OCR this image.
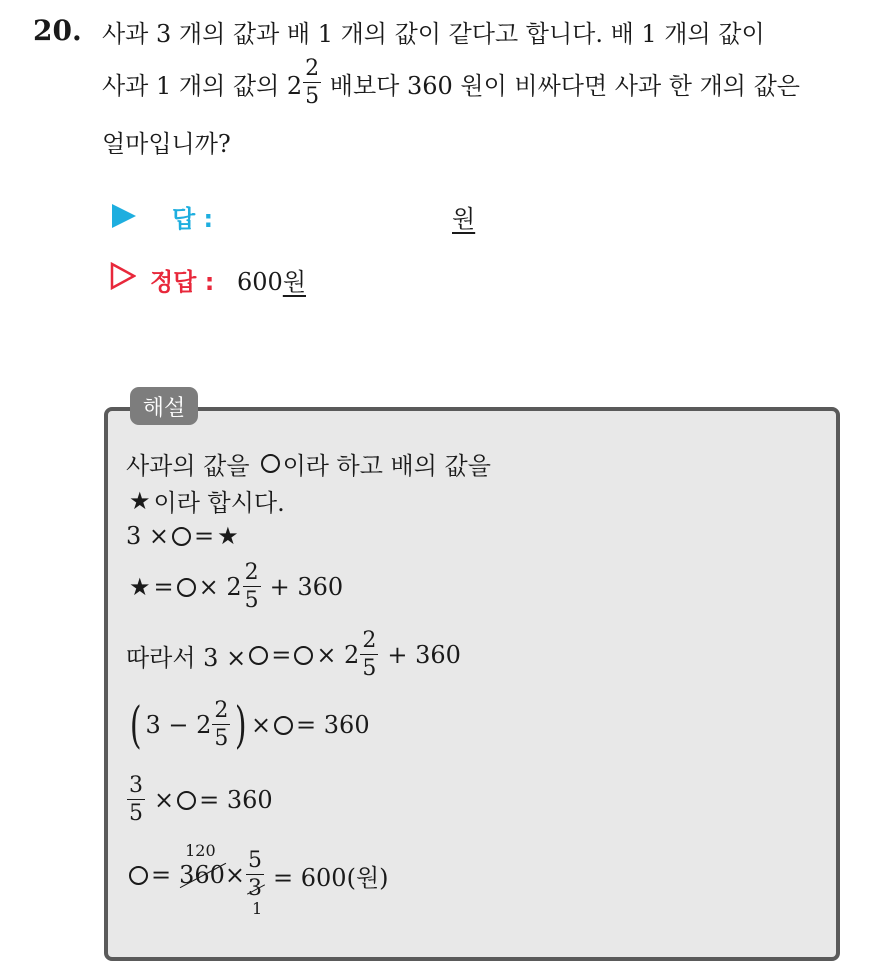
20. 사과 3 개의 값과 배 1 개의 값이 같다고 합니다. 배 1 개의 값이
사과 1 개의 값의 $2 \frac{2}{5}$ 배보다 360 원이 비싸다면 사과 한 개의 값은
얼마입니까?
답 :	원
정답 : 600원
해설
사과의 값을 이라 하고 배의 값을
★ 이라 합시다.
3 × = ★
★ = × $2 \frac{2}{5} + 360$
따라서 3 × = × $2 \frac{2}{5} + 360$
( $3 - 2 \frac{2}{5}$ ) × = 360
$\frac{3}{5}$ × = 360
=
120
360 × 5
3
1 = 600(원)
